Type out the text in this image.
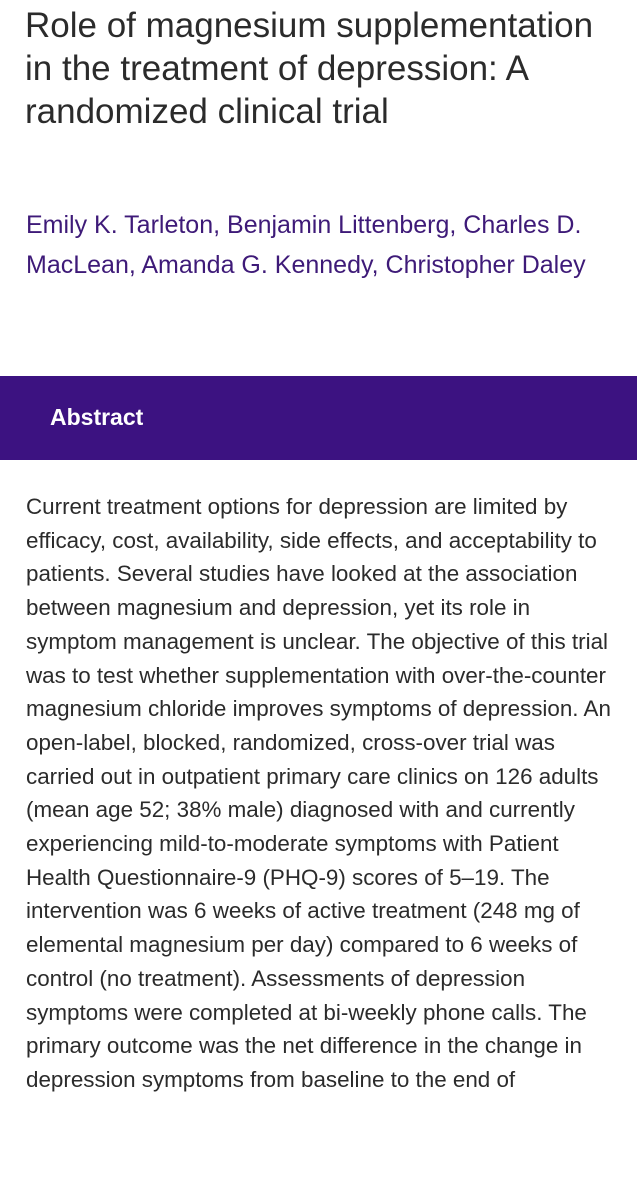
Role of magnesium supplementation in the treatment of depression: A randomized clinical trial

Emily K. Tarleton, Benjamin Littenberg, Charles D. MacLean, Amanda G. Kennedy, Christopher Daley

Abstract

Current treatment options for depression are limited by efficacy, cost, availability, side effects, and acceptability to patients. Several studies have looked at the association between magnesium and depression, yet its role in symptom management is unclear. The objective of this trial was to test whether supplementation with over-the-counter magnesium chloride improves symptoms of depression. An open-label, blocked, randomized, cross-over trial was carried out in outpatient primary care clinics on 126 adults (mean age 52; 38% male) diagnosed with and currently experiencing mild-to-moderate symptoms with Patient Health Questionnaire-9 (PHQ-9) scores of 5–19. The intervention was 6 weeks of active treatment (248 mg of elemental magnesium per day) compared to 6 weeks of control (no treatment). Assessments of depression symptoms were completed at bi-weekly phone calls. The primary outcome was the net difference in the change in depression symptoms from baseline to the end of
